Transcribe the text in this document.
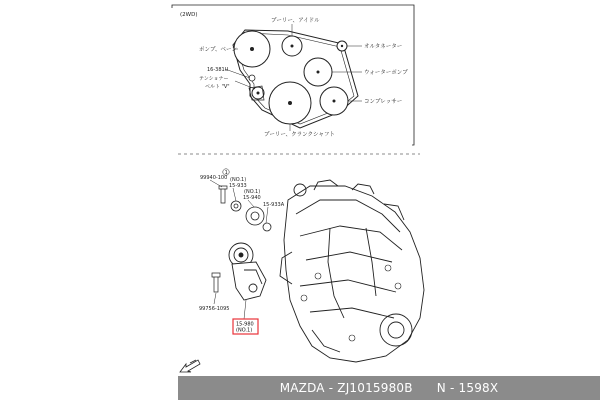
(2WD)
プーリー、アイドル
ポンプ、ベーン
16-381U
テンショナー
ベルト "V"
オルタネーター
ウォーターポンプ
コンプレッサー
プーリー、クランクシャフト
1
99940-100 (NO.1)
15-933
(NO.1)
15-940
15-933A
99756-1095
15-980
(NO.1)
MAZDA - ZJ1015980B      N - 1598X
